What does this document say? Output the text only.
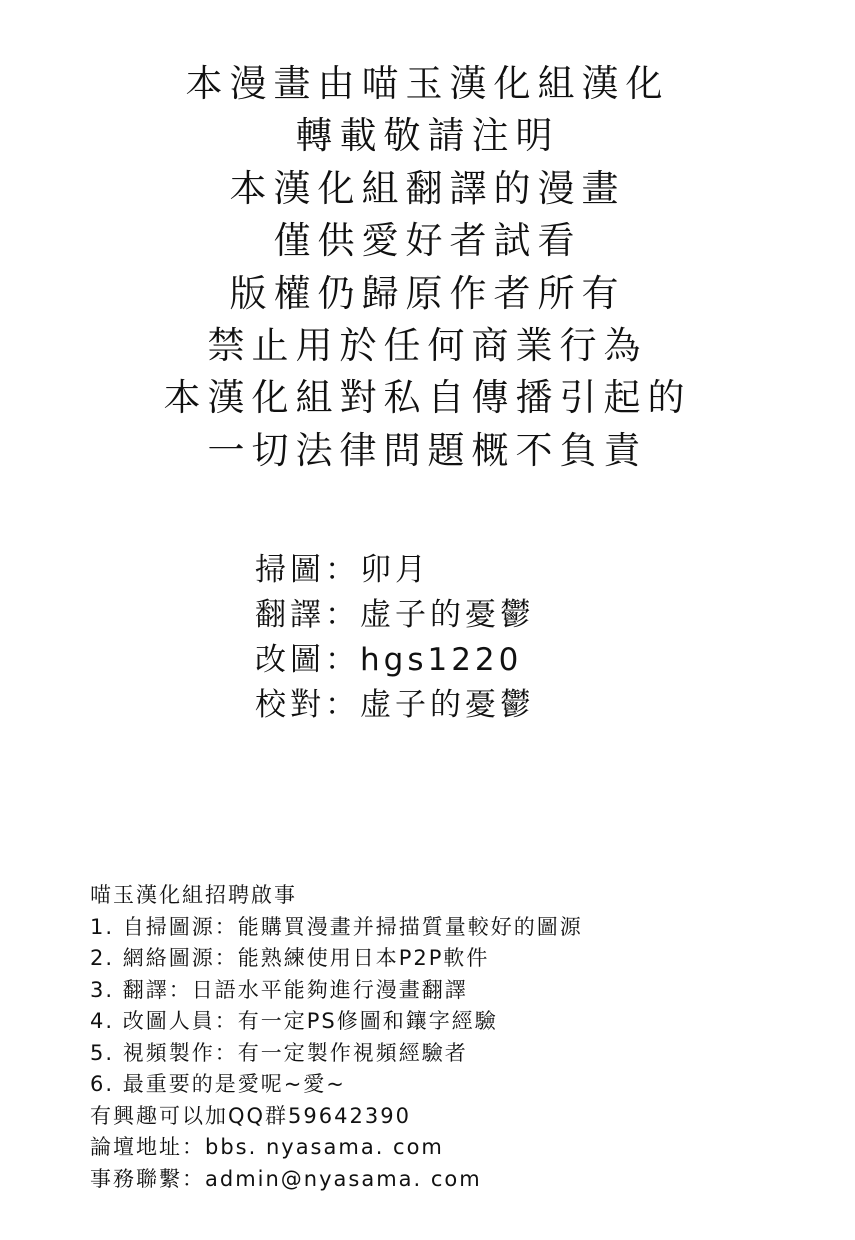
本漫畫由喵玉漢化組漢化
轉載敬請注明
本漢化組翻譯的漫畫
僅供愛好者試看
版權仍歸原作者所有
禁止用於任何商業行為
本漢化組對私自傳播引起的
一切法律問題概不負責
掃圖：卯月
翻譯：虚子的憂鬱
改圖：hgs1220
校對：虚子的憂鬱
喵玉漢化組招聘啟事
1. 自掃圖源：能購買漫畫并掃描質量較好的圖源
2. 網絡圖源：能熟練使用日本P2P軟件
3. 翻譯：日語水平能夠進行漫畫翻譯
4. 改圖人員：有一定PS修圖和鑲字經驗
5. 視頻製作：有一定製作視頻經驗者
6. 最重要的是愛呢~愛~
有興趣可以加QQ群59642390
論壇地址：bbs. nyasama. com
事務聯繫：admin@nyasama. com
